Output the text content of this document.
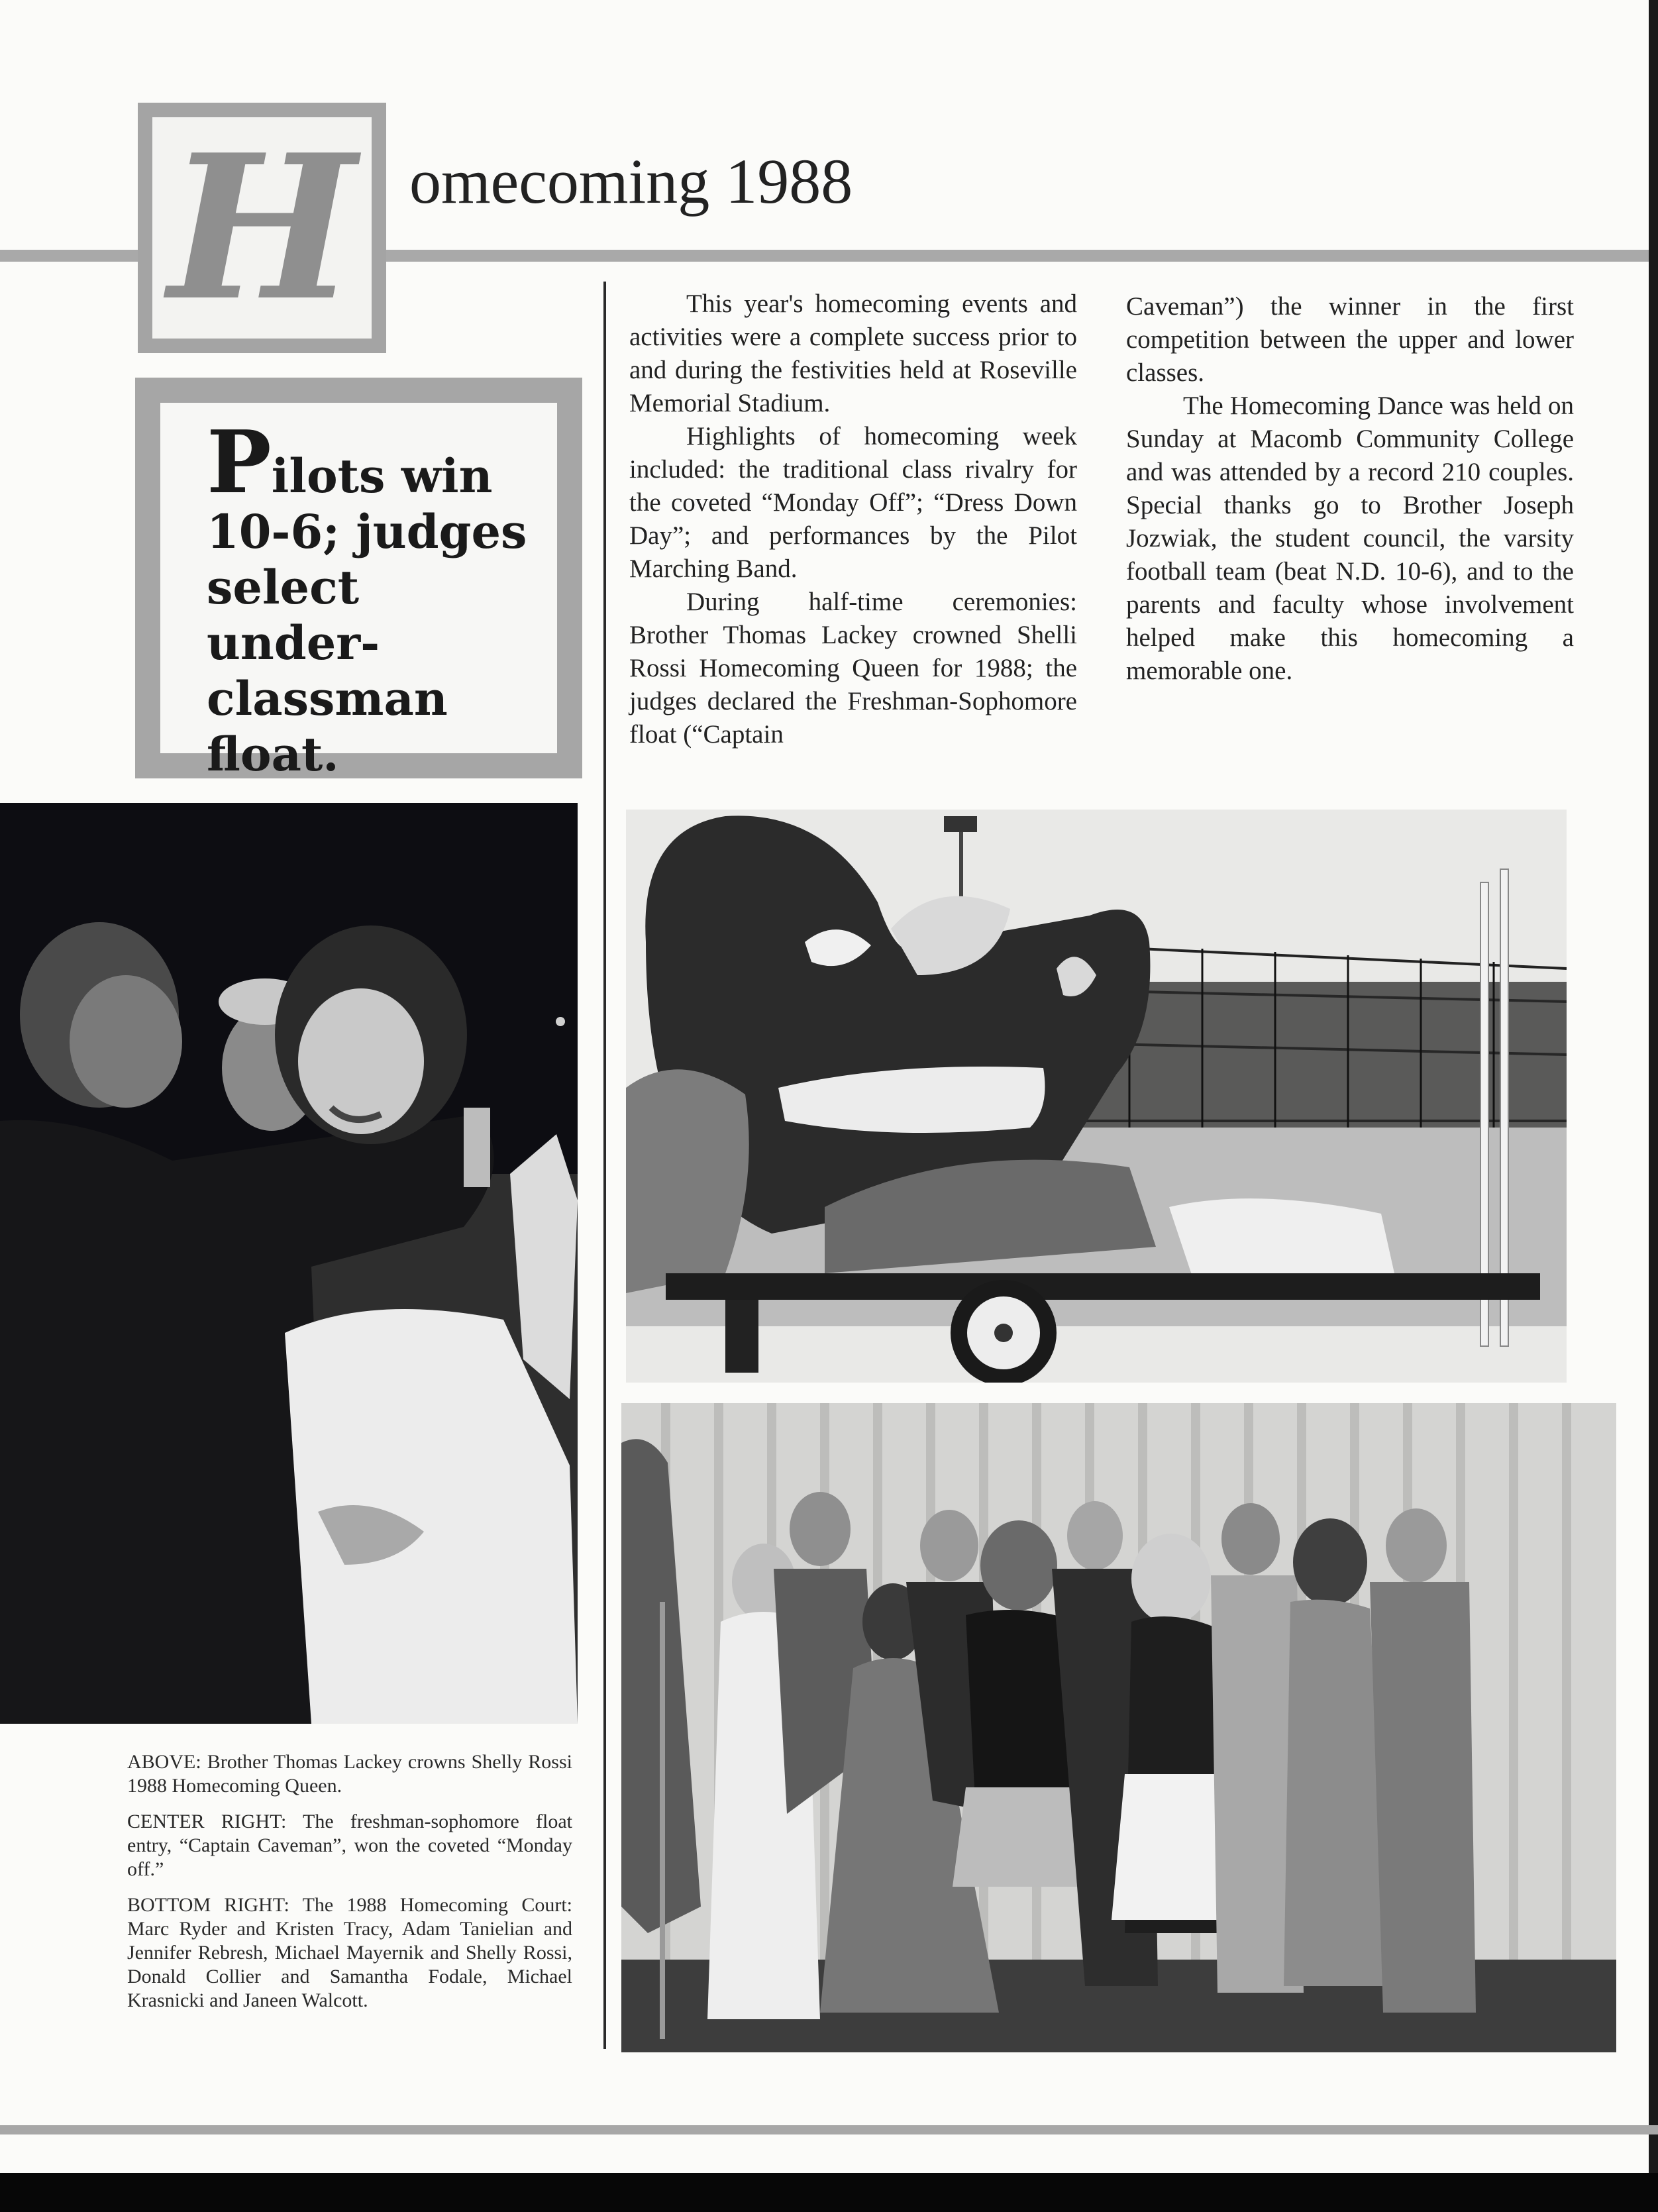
H omecoming 1988
Pilots win 10-6; judges select under-classman float.

This year's homecoming events and activities were a complete success prior to and during the festivities held at Roseville Memorial Stadium.

Highlights of homecoming week included: the traditional class rivalry for the coveted “Monday Off”; “Dress Down Day”; and performances by the Pilot Marching Band.

During half-time ceremonies: Brother Thomas Lackey crowned Shelli Rossi Homecoming Queen for 1988; the judges declared the Freshman-Sophomore float (“Captain

Caveman”) the winner in the first competition between the upper and lower classes.

The Homecoming Dance was held on Sunday at Macomb Community College and was attended by a record 210 couples. Special thanks go to Brother Joseph Jozwiak, the student council, the varsity football team (beat N.D. 10-6), and to the parents and faculty whose involvement helped make this homecoming a memorable one.

ABOVE: Brother Thomas Lackey crowns Shelly Rossi 1988 Homecoming Queen.

CENTER RIGHT: The freshman-sophomore float entry, “Captain Caveman”, won the coveted “Monday off.”

BOTTOM RIGHT: The 1988 Homecoming Court: Marc Ryder and Kristen Tracy, Adam Tanielian and Jennifer Rebresh, Michael Mayernik and Shelly Rossi, Donald Collier and Samantha Fodale, Michael Krasnicki and Janeen Walcott.
